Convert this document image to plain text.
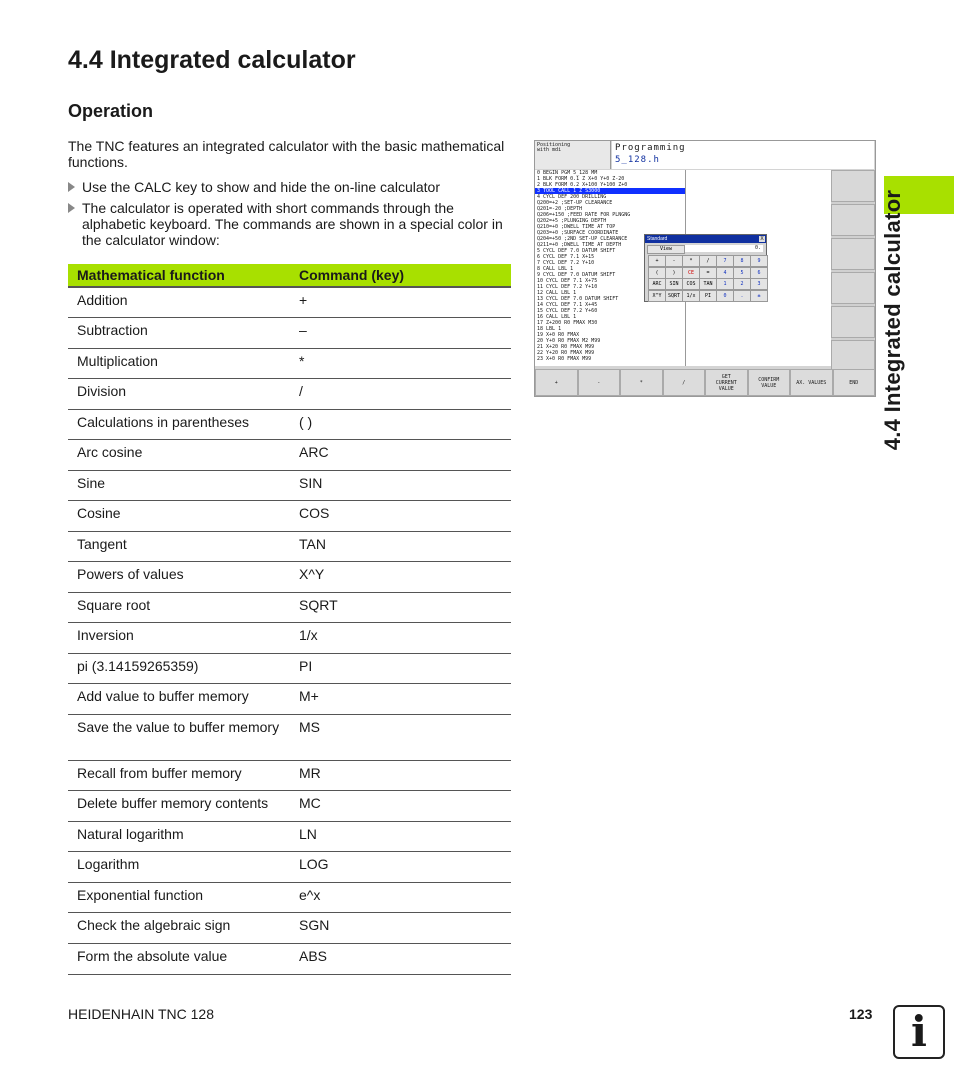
4.4 Integrated calculator
4.4 Integrated calculator
Operation
The TNC features an integrated calculator with the basic mathematical functions.
Use the CALC key to show and hide the on-line calculator
The calculator is operated with short commands through the alphabetic keyboard. The commands are shown in a special color in the calculator window:
Mathematical function	Command (key)
Addition	+
Subtraction	–
Multiplication	*
Division	/
Calculations in parentheses	( )
Arc cosine	ARC
Sine	SIN
Cosine	COS
Tangent	TAN
Powers of values	X^Y
Square root	SQRT
Inversion	1/x
pi (3.14159265359)	PI
Add value to buffer memory	M+
Save the value to buffer memory	MS
Recall from buffer memory	MR
Delete buffer memory contents	MC
Natural logarithm	LN
Logarithm	LOG
Exponential function	e^x
Check the algebraic sign	SGN
Form the absolute value	ABS
Positioning with mdi	Programming
5_128.h
0 BEGIN PGM 5_128 MM
1 BLK FORM 0.1 Z X+0 Y+0 Z-20
2 BLK FORM 0.2 X+100 Y+100 Z+0
3 TOOL CALL 1 Z S3000
4 CYCL DEF 200 DRILLING
Q200=+2 ;SET-UP CLEARANCE
Q201=-20 ;DEPTH
Q206=+150 ;FEED RATE FOR PLNGNG
Q202=+5 ;PLUNGING DEPTH
Q210=+0 ;DWELL TIME AT TOP
Q203=+0 ;SURFACE COORDINATE
Q204=+50 ;2ND SET-UP CLEARANCE
Q211=+0 ;DWELL TIME AT DEPTH
5 CYCL DEF 7.0 DATUM SHIFT
6 CYCL DEF 7.1 X+15
7 CYCL DEF 7.2 Y+10
8 CALL LBL 1
9 CYCL DEF 7.0 DATUM SHIFT
10 CYCL DEF 7.1 X+75
11 CYCL DEF 7.2 Y+10
12 CALL LBL 1
13 CYCL DEF 7.0 DATUM SHIFT
14 CYCL DEF 7.1 X+45
15 CYCL DEF 7.2 Y+60
16 CALL LBL 1
17 Z+200 R0 FMAX M30
18 LBL 1
19 X+0 R0 FMAX
20 Y+0 R0 FMAX M2 M99
21 X+20 R0 FMAX M99
22 Y+20 R0 FMAX M99
23 X+0 R0 FMAX M99
Standard	X
View	0.
+	-	*	/	7	8	9
(	)	CE	=	4	5	6
ARC	SIN	COS	TAN	1	2	3
X^Y	SQRT	1/x	PI	0	.	±
+	-	*	/
GET
CURRENT
VALUE
CONFIRM
VALUE	AX. VALUES	END
HEIDENHAIN TNC 128	123 i
